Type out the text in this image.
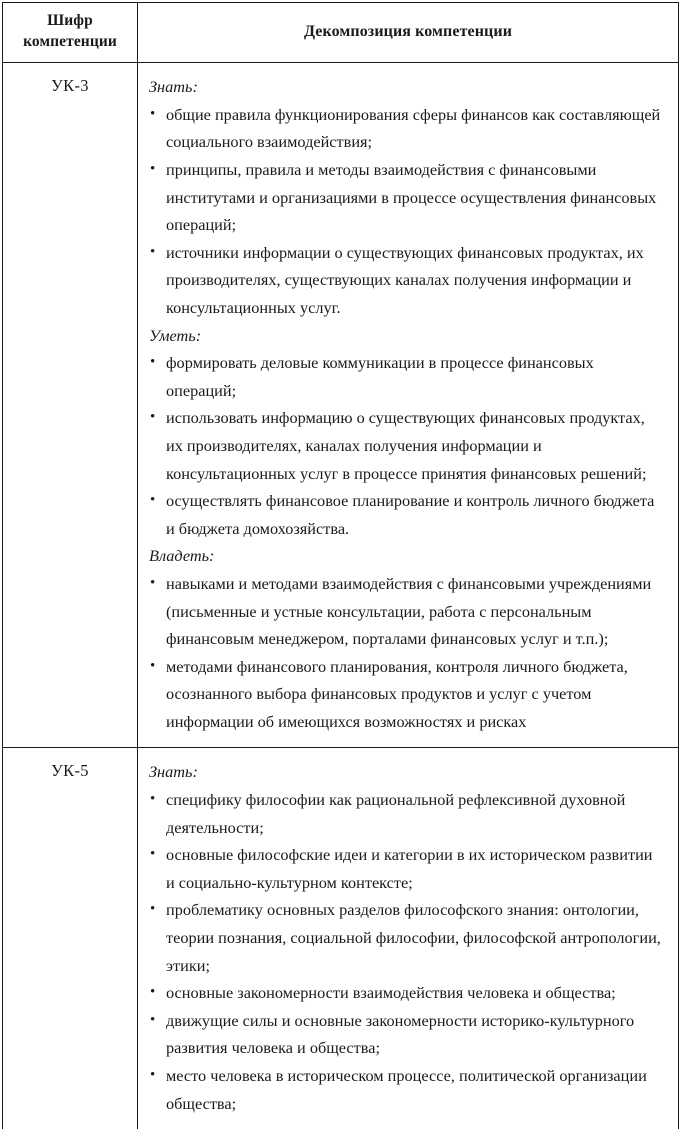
Шифр
компетенции	Декомпозиция компетенции
УК-3	Знать:
• общие правила функционирования сферы финансов как составляющей социального взаимодействия;
• принципы, правила и методы взаимодействия с финансовыми институтами и организациями в процессе осуществления финансовых операций;
• источники информации о существующих финансовых продуктах, их производителях, существующих каналах получения информации и консультационных услуг.
Уметь:
• формировать деловые коммуникации в процессе финансовых операций;
• использовать информацию о существующих финансовых продуктах, их производителях, каналах получения информации и консультационных услуг в процессе принятия финансовых решений;
• осуществлять финансовое планирование и контроль личного бюджета и бюджета домохозяйства.
Владеть:
• навыками и методами взаимодействия с финансовыми учреждениями (письменные и устные консультации, работа с персональным финансовым менеджером, порталами финансовых услуг и т.п.);
• методами финансового планирования, контроля личного бюджета, осознанного выбора финансовых продуктов и услуг с учетом информации об имеющихся возможностях и рисках

УК-5	Знать:
• специфику философии как рациональной рефлексивной духовной деятельности;
• основные философские идеи и категории в их историческом развитии и социально-культурном контексте;
• проблематику основных разделов философского знания: онтологии, теории познания, социальной философии, философской антропологии, этики;
• основные закономерности взаимодействия человека и общества;
• движущие силы и основные закономерности историко-культурного развития человека и общества;
• место человека в историческом процессе, политической организации общества;
